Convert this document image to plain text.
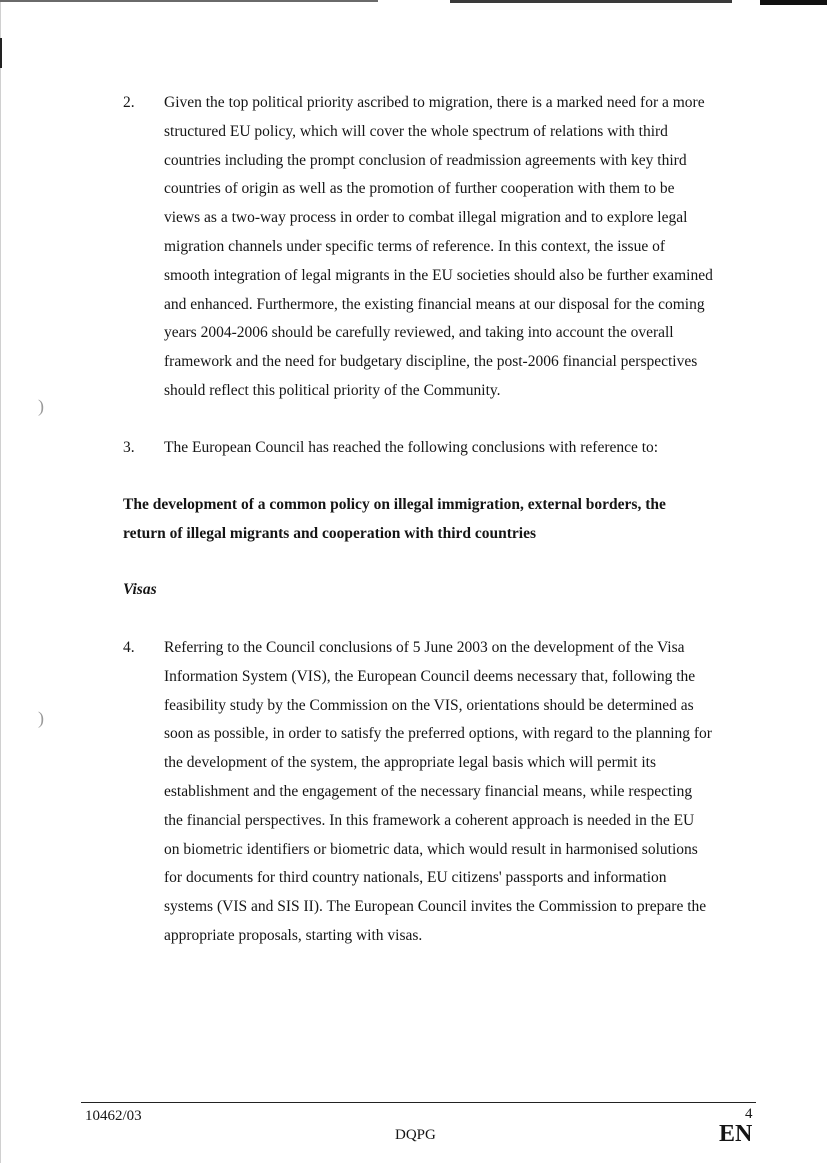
)
)
2. Given the top political priority ascribed to migration, there is a marked need for a more
structured EU policy, which will cover the whole spectrum of relations with third
countries including the prompt conclusion of readmission agreements with key third
countries of origin as well as the promotion of further cooperation with them to be
views as a two-way process in order to combat illegal migration and to explore legal
migration channels under specific terms of reference. In this context, the issue of
smooth integration of legal migrants in the EU societies should also be further examined
and enhanced. Furthermore, the existing financial means at our disposal for the coming
years 2004-2006 should be carefully reviewed, and taking into account the overall
framework and the need for budgetary discipline, the post-2006 financial perspectives
should reflect this political priority of the Community.
3. The European Council has reached the following conclusions with reference to:
The development of a common policy on illegal immigration, external borders, the
return of illegal migrants and cooperation with third countries
Visas
4. Referring to the Council conclusions of 5 June 2003 on the development of the Visa
Information System (VIS), the European Council deems necessary that, following the
feasibility study by the Commission on the VIS, orientations should be determined as
soon as possible, in order to satisfy the preferred options, with regard to the planning for
the development of the system, the appropriate legal basis which will permit its
establishment and the engagement of the necessary financial means, while respecting
the financial perspectives. In this framework a coherent approach is needed in the EU
on biometric identifiers or biometric data, which would result in harmonised solutions
for documents for third country nationals, EU citizens' passports and information
systems (VIS and SIS II). The European Council invites the Commission to prepare the
appropriate proposals, starting with visas.
10462/03
DQPG
4
EN
